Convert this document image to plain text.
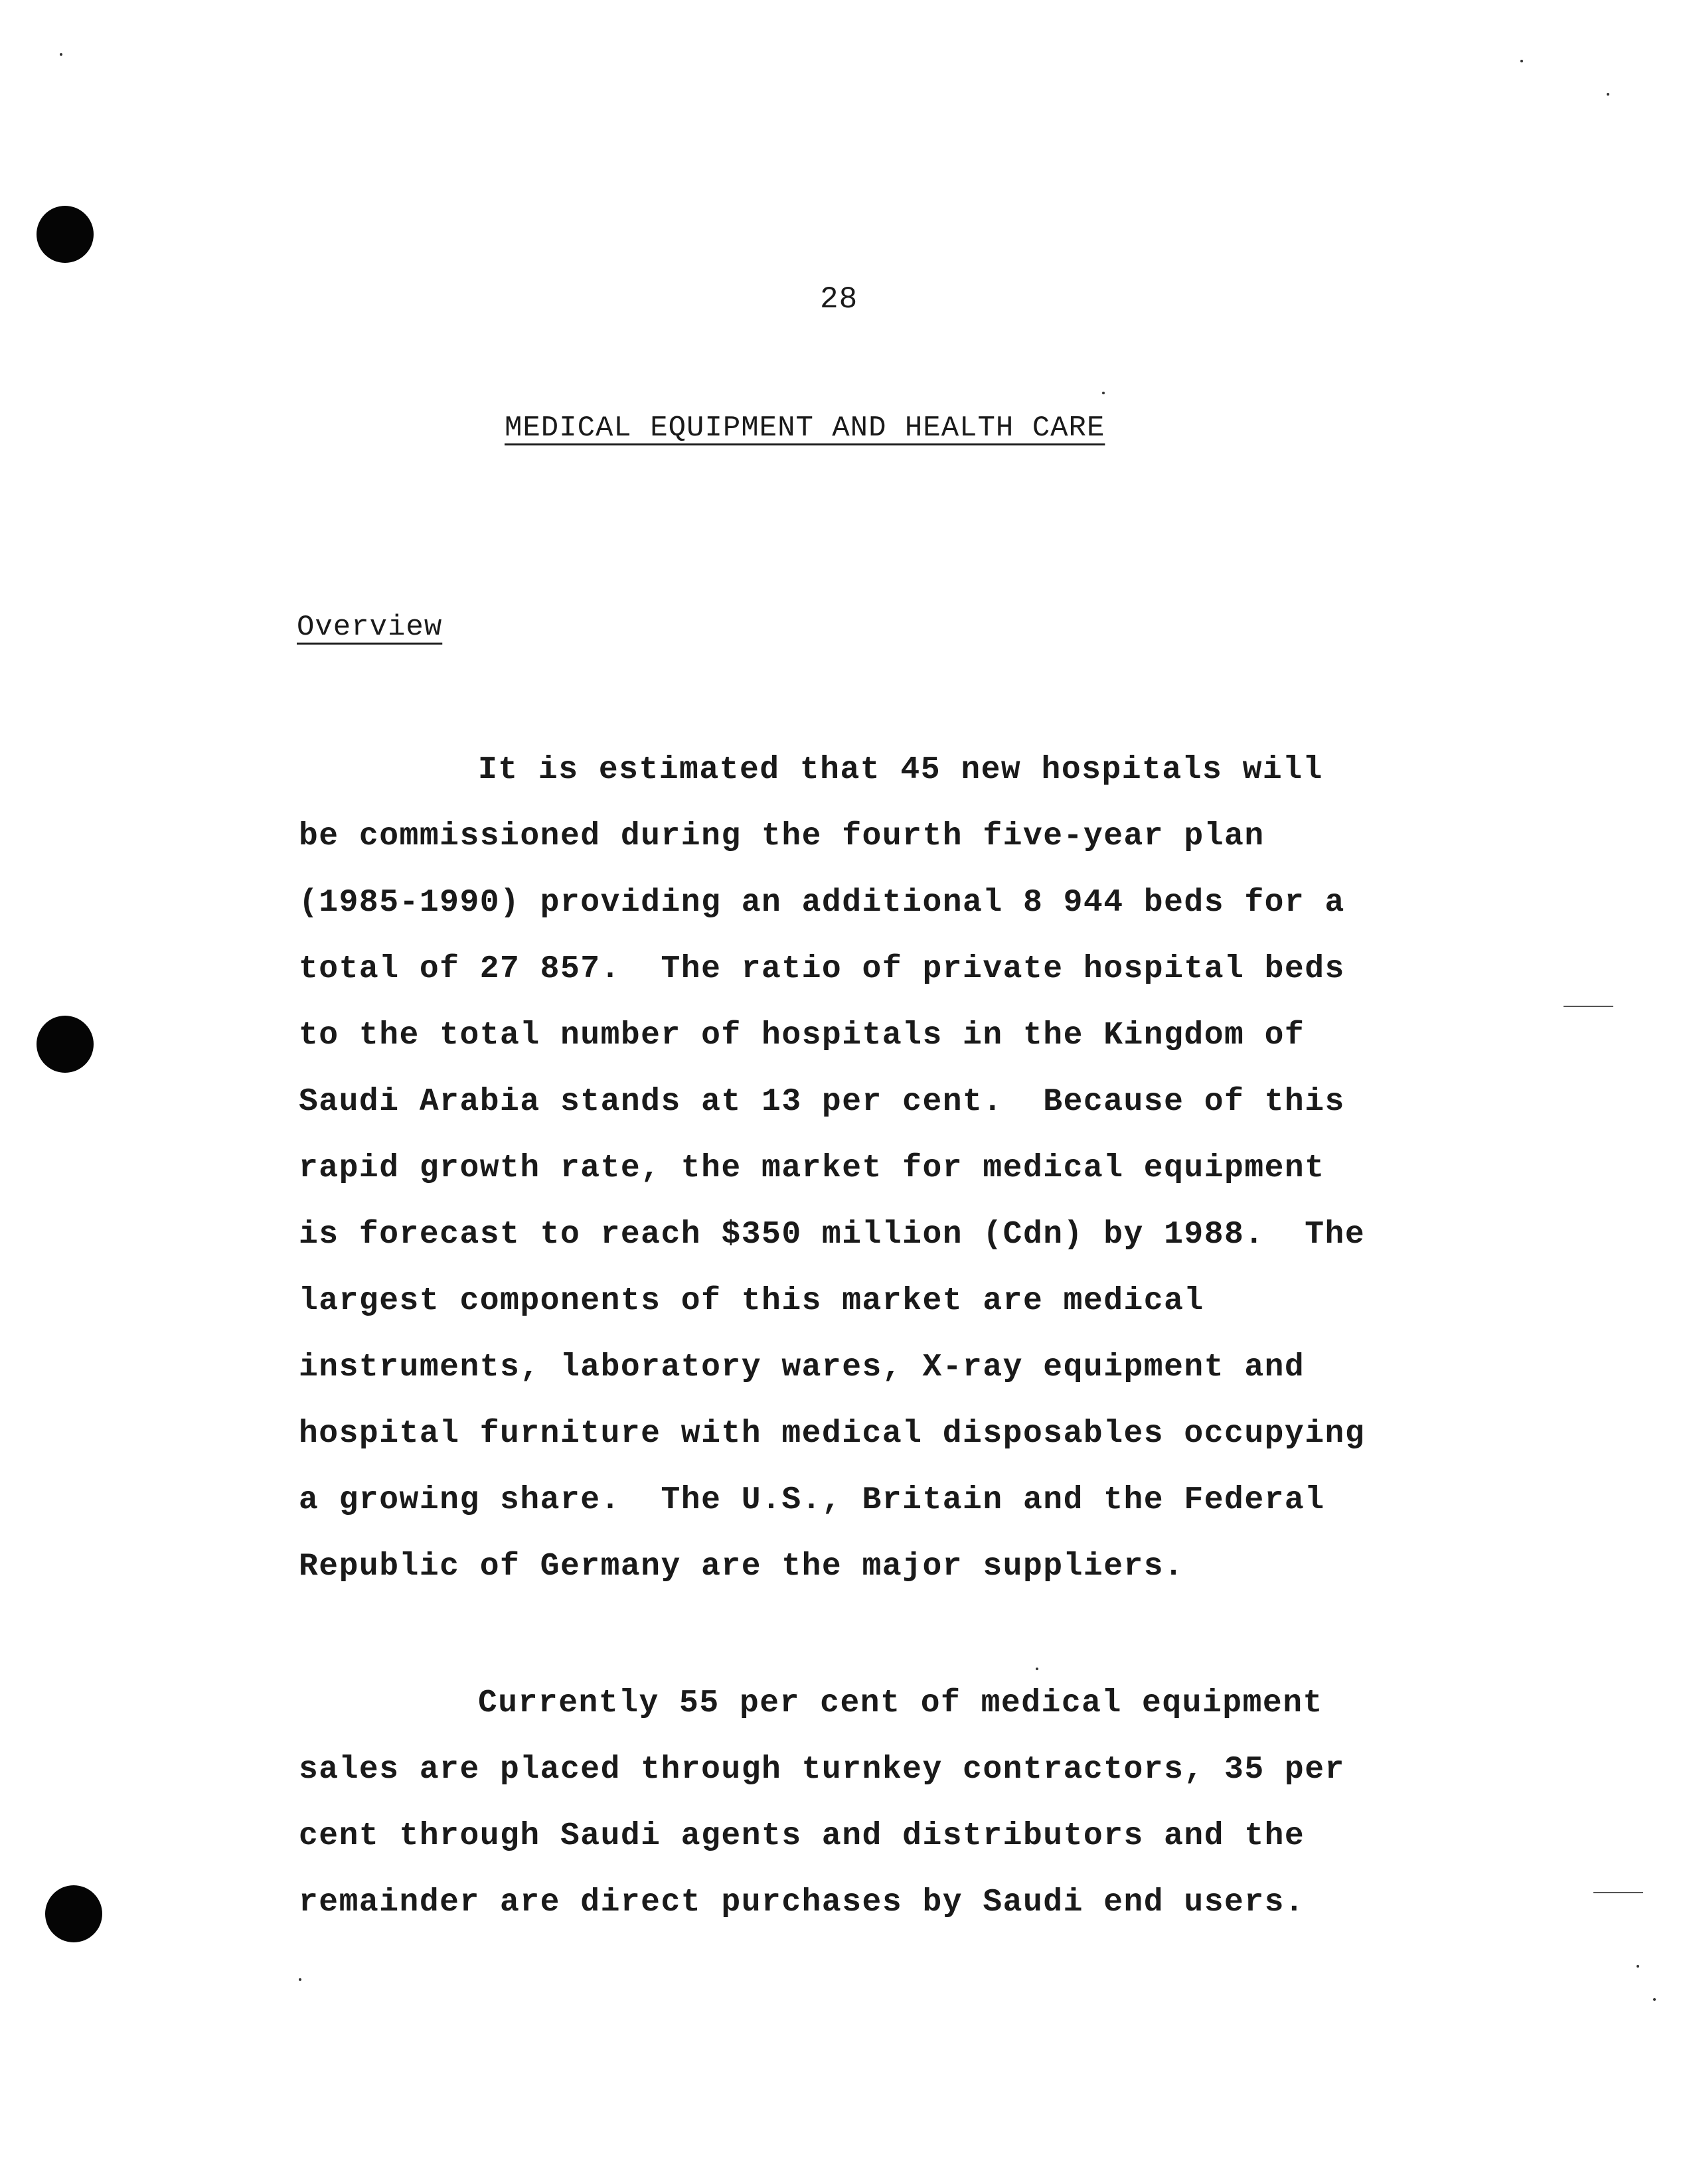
28
MEDICAL EQUIPMENT AND HEALTH CARE
Overview
It is estimated that 45 new hospitals will
be commissioned during the fourth five-year plan
(1985-1990) providing an additional 8 944 beds for a
total of 27 857.  The ratio of private hospital beds
to the total number of hospitals in the Kingdom of
Saudi Arabia stands at 13 per cent.  Because of this
rapid growth rate, the market for medical equipment
is forecast to reach $350 million (Cdn) by 1988.  The
largest components of this market are medical
instruments, laboratory wares, X-ray equipment and
hospital furniture with medical disposables occupying
a growing share.  The U.S., Britain and the Federal
Republic of Germany are the major suppliers.
Currently 55 per cent of medical equipment
sales are placed through turnkey contractors, 35 per
cent through Saudi agents and distributors and the
remainder are direct purchases by Saudi end users.
